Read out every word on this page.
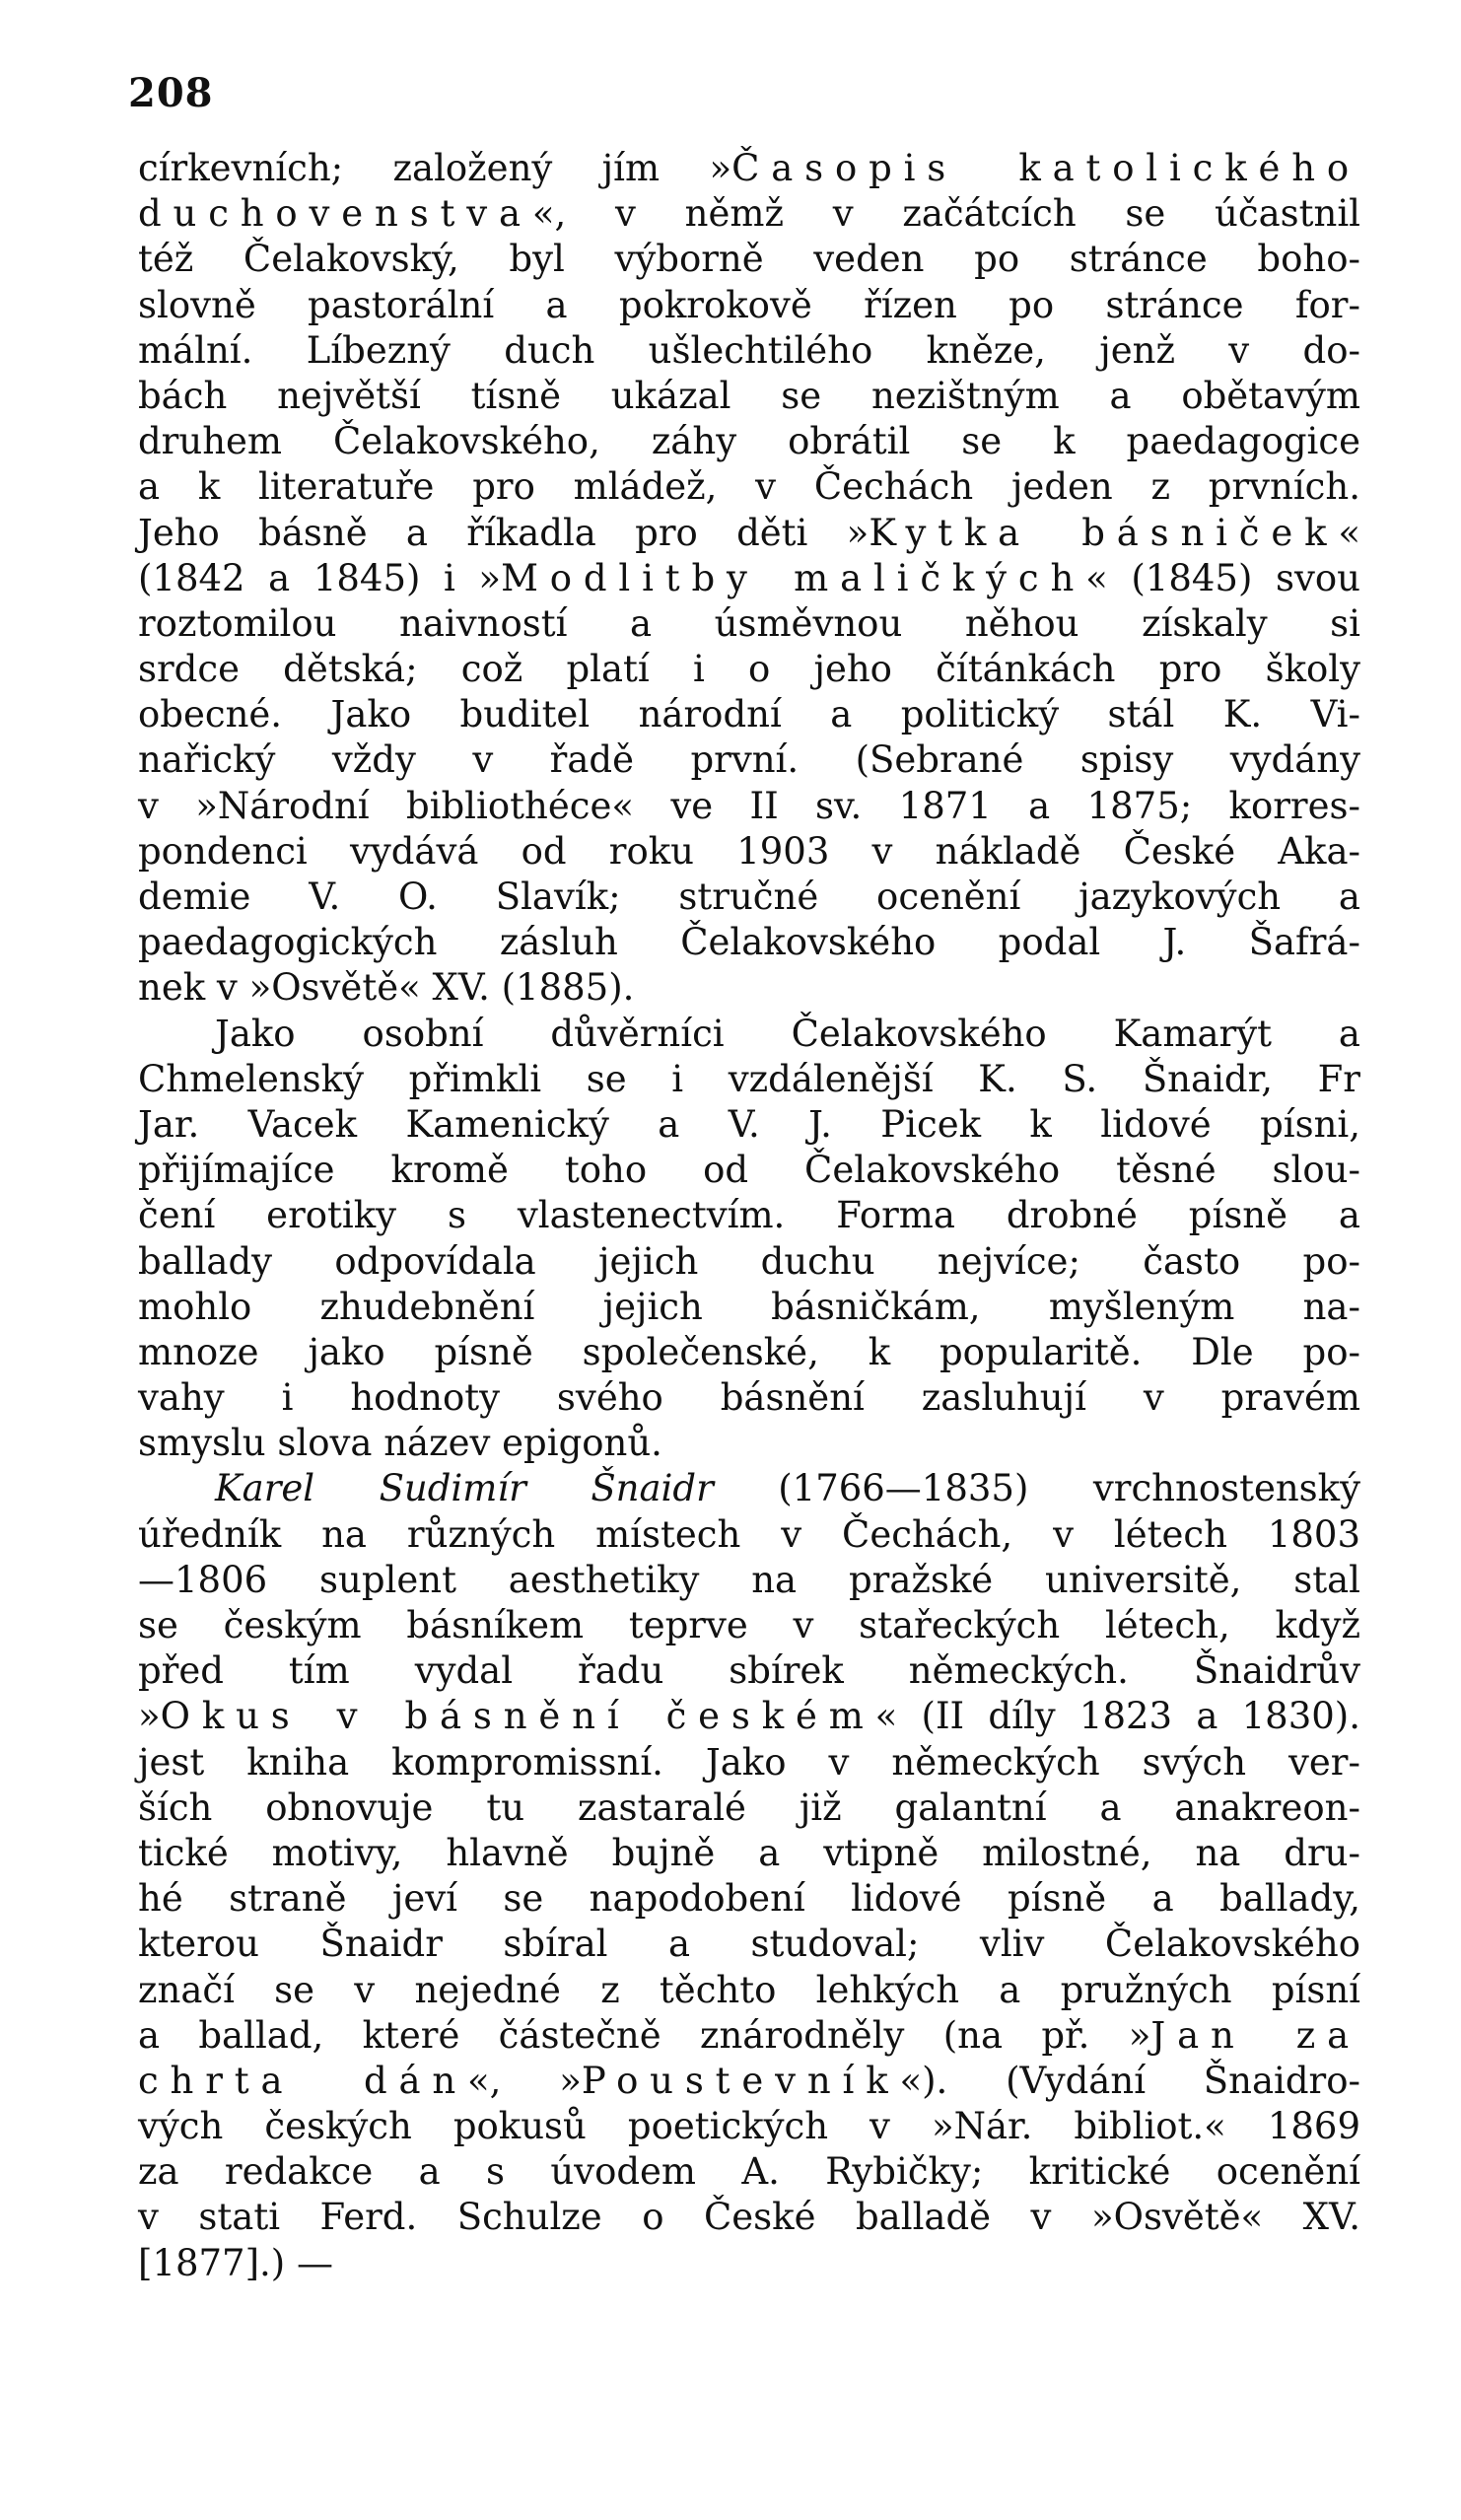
208
církevních; založený jím »Časopis katolického
duchovenstva«, v němž v začátcích se účastnil
též Čelakovský, byl výborně veden po stránce boho-
slovně pastorální a pokrokově řízen po stránce for-
mální. Líbezný duch ušlechtilého kněze, jenž v do-
bách největší tísně ukázal se nezištným a obětavým
druhem Čelakovského, záhy obrátil se k paedagogice
a k literatuře pro mládež, v Čechách jeden z prvních.
Jeho básně a říkadla pro děti »Kytka básniček«
(1842 a 1845) i »Modlitby maličkých« (1845) svou
roztomilou naivností a úsměvnou něhou získaly si
srdce dětská; což platí i o jeho čítánkách pro školy
obecné. Jako buditel národní a politický stál K. Vi-
nařický vždy v řadě první. (Sebrané spisy vydány
v »Národní bibliothéce« ve II sv. 1871 a 1875; korres-
pondenci vydává od roku 1903 v nákladě České Aka-
demie V. O. Slavík; stručné ocenění jazykových a
paedagogických zásluh Čelakovského podal J. Šafrá-
nek v »Osvětě« XV. (1885).
Jako osobní důvěrníci Čelakovského Kamarýt a
Chmelenský přimkli se i vzdálenější K. S. Šnaidr, Fr
Jar. Vacek Kamenický a V. J. Picek k lidové písni,
přijímajíce kromě toho od Čelakovského těsné slou-
čení erotiky s vlastenectvím. Forma drobné písně a
ballady odpovídala jejich duchu nejvíce; často po-
mohlo zhudebnění jejich básničkám, myšleným na-
mnoze jako písně společenské, k popularitě. Dle po-
vahy i hodnoty svého básnění zasluhují v pravém
smyslu slova název epigonů.
Karel Sudimír Šnaidr (1766—1835) vrchnostenský
úředník na různých místech v Čechách, v létech 1803
—1806 suplent aesthetiky na pražské universitě, stal
se českým básníkem teprve v stařeckých létech, když
před tím vydal řadu sbírek německých. Šnaidrův
»Okus v básnění českém« (II díly 1823 a 1830).
jest kniha kompromissní. Jako v německých svých ver-
ších obnovuje tu zastaralé již galantní a anakreon-
tické motivy, hlavně bujně a vtipně milostné, na dru-
hé straně jeví se napodobení lidové písně a ballady,
kterou Šnaidr sbíral a studoval; vliv Čelakovského
značí se v nejedné z těchto lehkých a pružných písní
a ballad, které částečně znárodněly (na př. »Jan za
chrta dán«, »Poustevník«). (Vydání Šnaidro-
vých českých pokusů poetických v »Nár. bibliot.« 1869
za redakce a s úvodem A. Rybičky; kritické ocenění
v stati Ferd. Schulze o České balladě v »Osvětě« XV.
[1877].) —
